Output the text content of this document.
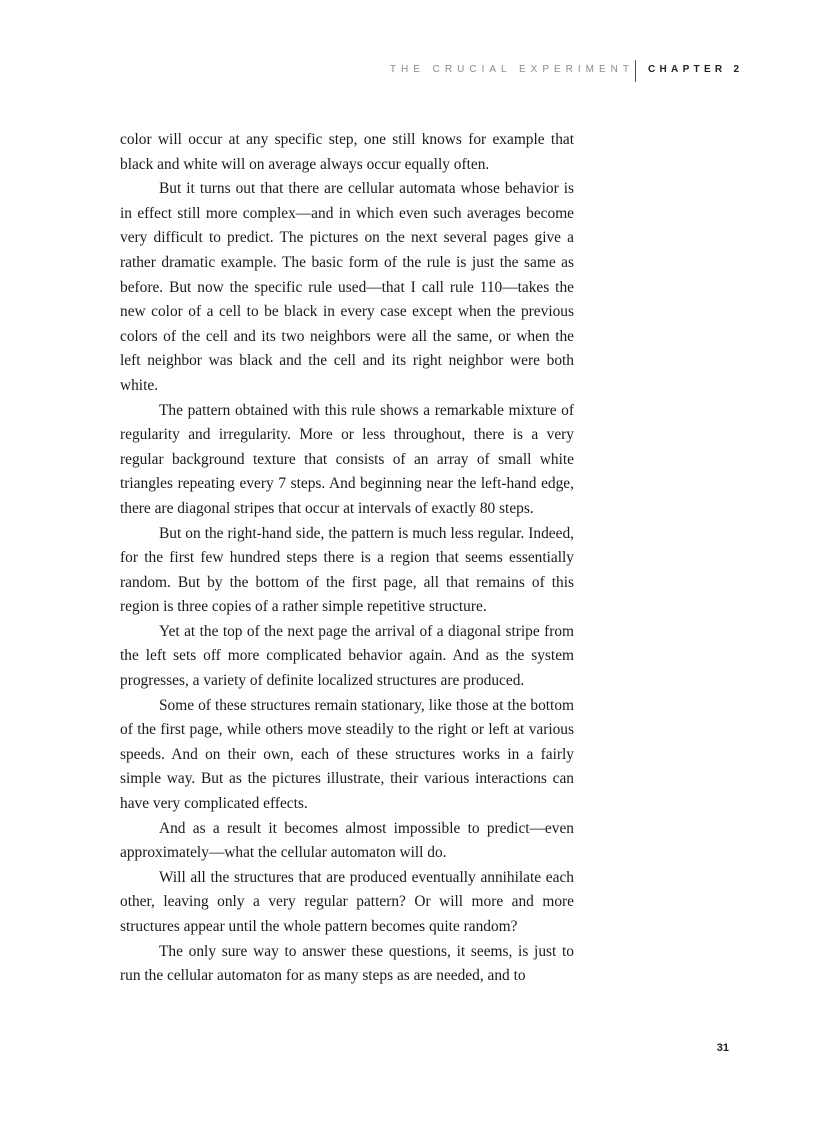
THE CRUCIAL EXPERIMENT CHAPTER 2

color will occur at any specific step, one still knows for example that black and white will on average always occur equally often.

But it turns out that there are cellular automata whose behavior is in effect still more complex—and in which even such averages become very difficult to predict. The pictures on the next several pages give a rather dramatic example. The basic form of the rule is just the same as before. But now the specific rule used—that I call rule 110—takes the new color of a cell to be black in every case except when the previous colors of the cell and its two neighbors were all the same, or when the left neighbor was black and the cell and its right neighbor were both white.

The pattern obtained with this rule shows a remarkable mixture of regularity and irregularity. More or less throughout, there is a very regular background texture that consists of an array of small white triangles repeating every 7 steps. And beginning near the left-hand edge, there are diagonal stripes that occur at intervals of exactly 80 steps.

But on the right-hand side, the pattern is much less regular. Indeed, for the first few hundred steps there is a region that seems essentially random. But by the bottom of the first page, all that remains of this region is three copies of a rather simple repetitive structure.

Yet at the top of the next page the arrival of a diagonal stripe from the left sets off more complicated behavior again. And as the system progresses, a variety of definite localized structures are produced.

Some of these structures remain stationary, like those at the bottom of the first page, while others move steadily to the right or left at various speeds. And on their own, each of these structures works in a fairly simple way. But as the pictures illustrate, their various interactions can have very complicated effects.

And as a result it becomes almost impossible to predict—even approximately—what the cellular automaton will do.

Will all the structures that are produced eventually annihilate each other, leaving only a very regular pattern? Or will more and more structures appear until the whole pattern becomes quite random?

The only sure way to answer these questions, it seems, is just to run the cellular automaton for as many steps as are needed, and to

31
